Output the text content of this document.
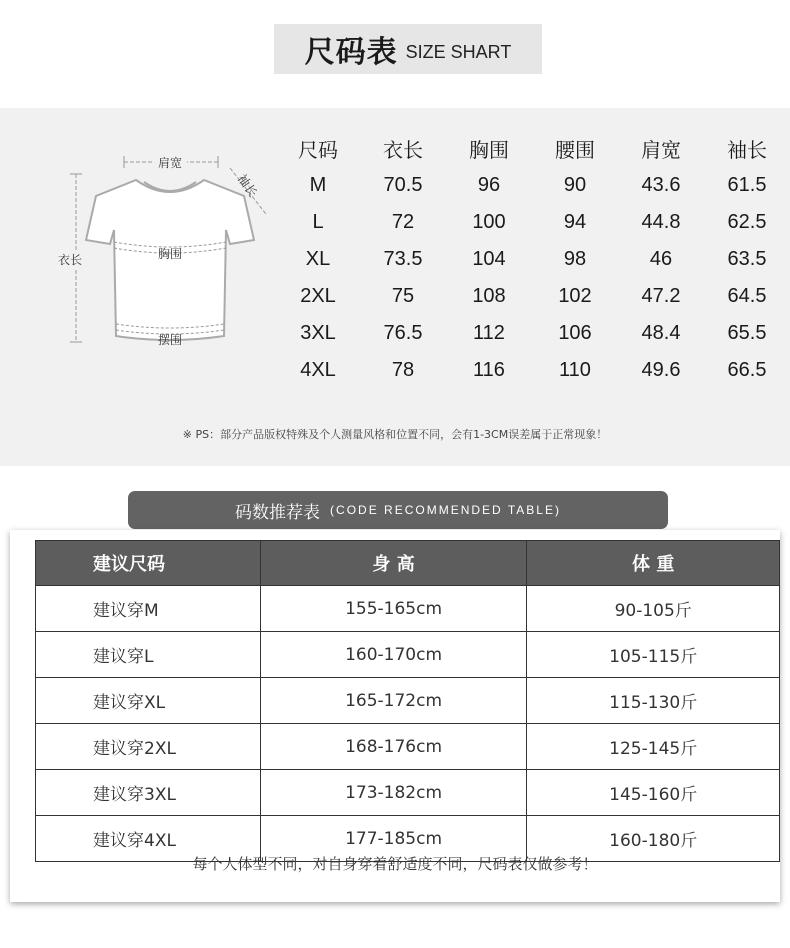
尺码表 SIZE SHART
肩宽
袖长
衣长	胸围
摆围
尺码	衣长	胸围	腰围	肩宽	袖长
M	70.5	96	90	43.6	61.5
L	72	100	94	44.8	62.5
XL	73.5	104	98	46	63.5
2XL	75	108	102	47.2	64.5
3XL	76.5	112	106	48.4	65.5
4XL	78	116	110	49.6	66.5
※ PS：部分产品版权特殊及个人测量风格和位置不同，会有1-3CM误差属于正常现象！
码数推荐表 (CODE RECOMMENDED TABLE)
建议尺码	身 高	体 重
建议穿M	155-165cm	90-105斤
建议穿L	160-170cm	105-115斤
建议穿XL	165-172cm	115-130斤
建议穿2XL	168-176cm	125-145斤
建议穿3XL	173-182cm	145-160斤
建议穿4XL	177-185cm	160-180斤
每个人体型不同，对自身穿着舒适度不同，尺码表仅做参考！
